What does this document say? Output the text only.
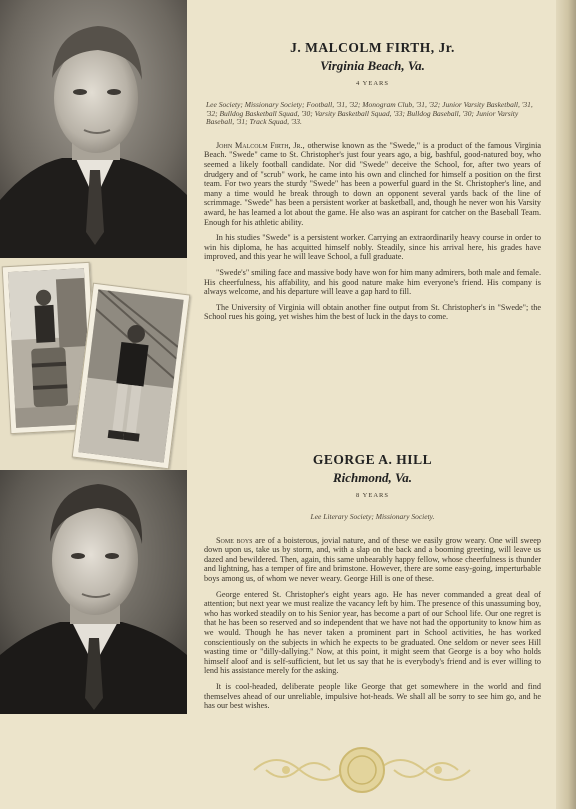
J. MALCOLM FIRTH, Jr.
Virginia Beach, Va.
4 YEARS
Lee Society; Missionary Society; Football, '31, '32; Monogram Club, '31, '32; Junior Varsity Basketball, '31, '32; Bulldog Basketball Squad, '30; Varsity Basketball Squad, '33; Bulldog Baseball, '30; Junior Varsity Baseball, '31; Track Squad, '33.

John Malcolm Firth, Jr., otherwise known as the "Swede," is a product of the famous Virginia Beach. "Swede" came to St. Christopher's just four years ago, a big, bashful, good-natured boy, who seemed a likely football candidate. Nor did "Swede" deceive the School, for, after two years of drudgery and of "scrub" work, he came into his own and clinched for himself a position on the first team. For two years the sturdy "Swede" has been a powerful guard in the St. Christopher's line, and many a time would he break through to down an opponent several yards back of the line of scrimmage. "Swede" has been a persistent worker at basketball, and, though he never won his Varsity award, he has learned a lot about the game. He also was an aspirant for catcher on the Baseball Team. Enough for his athletic ability.

In his studies "Swede" is a persistent worker. Carrying an extraordinarily heavy course in order to win his diploma, he has acquitted himself nobly. Steadily, since his arrival here, his grades have improved, and this year he will leave School, a full graduate.

"Swede's" smiling face and massive body have won for him many admirers, both male and female. His cheerfulness, his affability, and his good nature make him everyone's friend. His company is always welcome, and his departure will leave a gap hard to fill.

The University of Virginia will obtain another fine output from St. Christopher's in "Swede"; the School rues his going, yet wishes him the best of luck in the days to come.

GEORGE A. HILL
Richmond, Va.
8 YEARS
Lee Literary Society; Missionary Society.

Some boys are of a boisterous, jovial nature, and of these we easily grow weary. One will sweep down upon us, take us by storm, and, with a slap on the back and a booming greeting, will leave us dazed and bewildered. Then, again, this same unbearably happy fellow, whose cheerfulness is thunder and lightning, has a temper of fire and brimstone. However, there are some easy-going, imperturbable boys among us, of whom we never weary. George Hill is one of these.

George entered St. Christopher's eight years ago. He has never commanded a great deal of attention; but next year we must realize the vacancy left by him. The presence of this unassuming boy, who has worked steadily on to his Senior year, has become a part of our School life. Our one regret is that he has been so reserved and so independent that we have not had the opportunity to know him as we would. Though he has never taken a prominent part in School activities, he has worked conscientiously on the subjects in which he expects to be graduated. One seldom or never sees Hill wasting time or "dilly-dallying." Now, at this point, it might seem that George is a boy who holds himself aloof and is self-sufficient, but let us say that he is everybody's friend and is ever willing to lend his assistance merely for the asking.

It is cool-headed, deliberate people like George that get somewhere in the world and find themselves ahead of our unreliable, impulsive hot-heads. We shall all be sorry to see him go, and he has our best wishes.
